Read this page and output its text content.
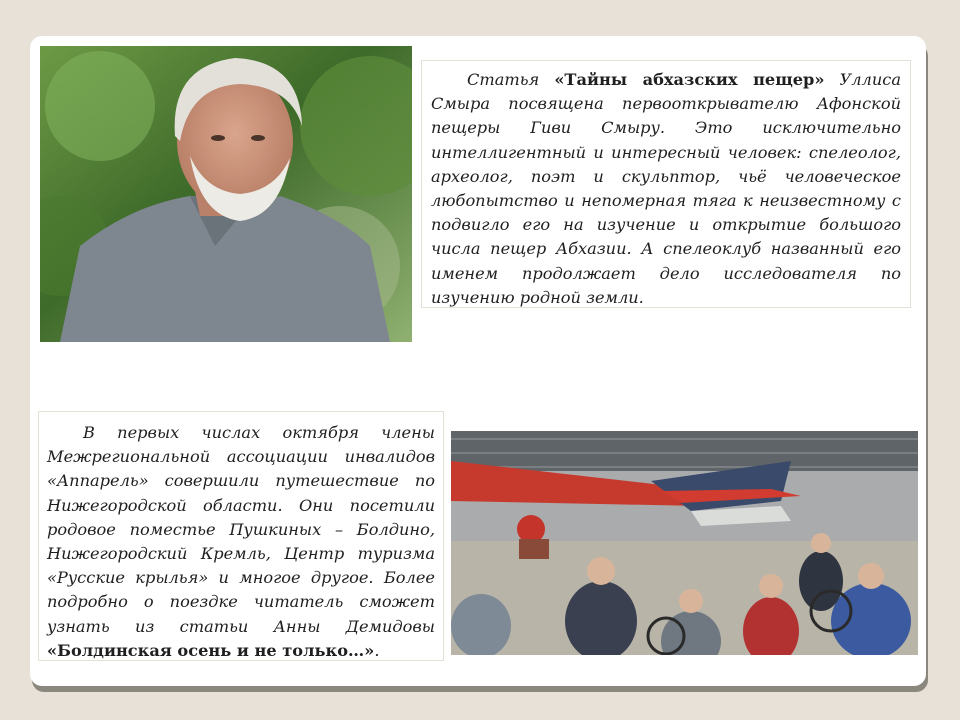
Статья «Тайны абхазских пещер» Уллиса Смыра посвящена первооткрывателю Афонской пещеры Гиви Смыру. Это исключительно интеллигентный и интересный человек: спелеолог, археолог, поэт и скульптор, чьё человеческое любопытство и непомерная тяга к неизвестному с подвигло его на изучение и открытие большого числа пещер Абхазии. А спелеоклуб названный его именем продолжает дело исследователя по изучению родной земли.
В первых числах октября члены Межрегиональной ассоциации инвалидов «Аппарель» совершили путешествие по Нижегородской области. Они посетили родовое поместье Пушкиных – Болдино, Нижегородский Кремль, Центр туризма «Русские крылья» и многое другое. Более подробно о поездке читатель сможет узнать из статьи Анны Демидовы «Болдинская осень и не только…».
